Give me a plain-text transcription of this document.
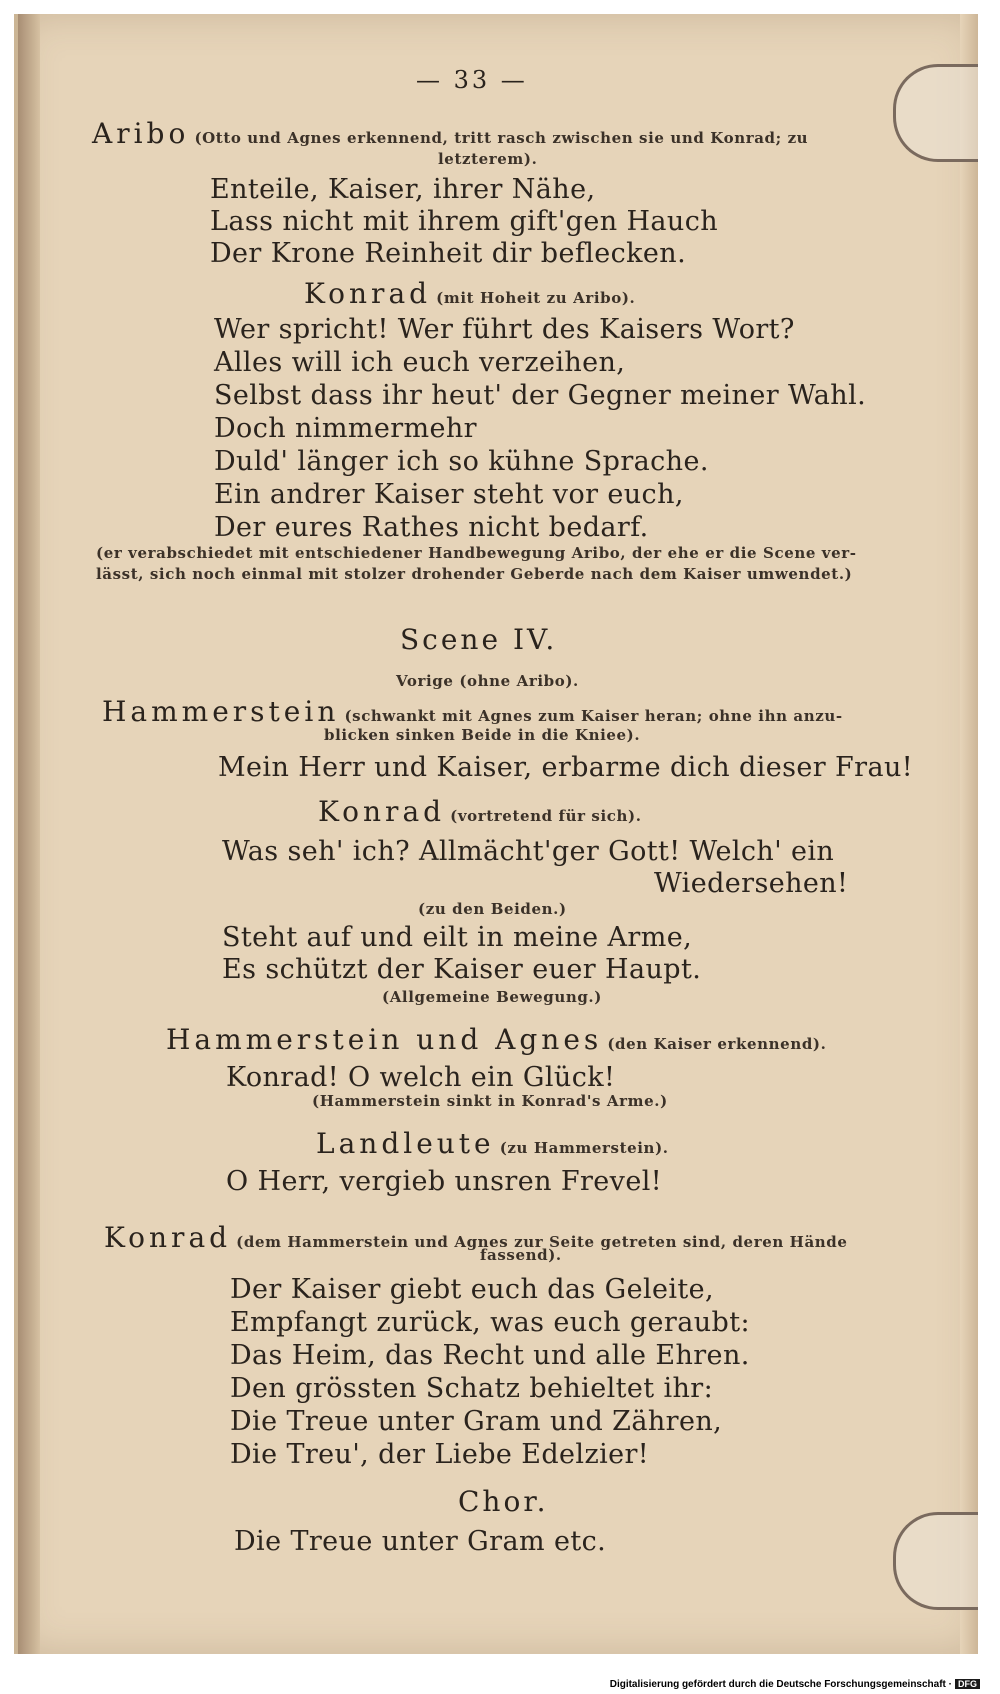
— 33 —
Aribo (Otto und Agnes erkennend, tritt rasch zwischen sie und Konrad; zu
letzterem).
Enteile, Kaiser, ihrer Nähe,
Lass nicht mit ihrem gift'gen Hauch
Der Krone Reinheit dir beflecken.
Konrad (mit Hoheit zu Aribo).
Wer spricht! Wer führt des Kaisers Wort?
Alles will ich euch verzeihen,
Selbst dass ihr heut' der Gegner meiner Wahl.
Doch nimmermehr
Duld' länger ich so kühne Sprache.
Ein andrer Kaiser steht vor euch,
Der eures Rathes nicht bedarf.
(er verabschiedet mit entschiedener Handbewegung Aribo, der ehe er die Scene ver-
lässt, sich noch einmal mit stolzer drohender Geberde nach dem Kaiser umwendet.)
Scene IV.
Vorige (ohne Aribo).
Hammerstein (schwankt mit Agnes zum Kaiser heran; ohne ihn anzu-
blicken sinken Beide in die Kniee).
Mein Herr und Kaiser, erbarme dich dieser Frau!
Konrad (vortretend für sich).
Was seh' ich? Allmächt'ger Gott! Welch' ein
Wiedersehen!
(zu den Beiden.)
Steht auf und eilt in meine Arme,
Es schützt der Kaiser euer Haupt.
(Allgemeine Bewegung.)
Hammerstein und Agnes (den Kaiser erkennend).
Konrad! O welch ein Glück!
(Hammerstein sinkt in Konrad's Arme.)
Landleute (zu Hammerstein).
O Herr, vergieb unsren Frevel!
Konrad (dem Hammerstein und Agnes zur Seite getreten sind, deren Hände
fassend).
Der Kaiser giebt euch das Geleite,
Empfangt zurück, was euch geraubt:
Das Heim, das Recht und alle Ehren.
Den grössten Schatz behieltet ihr:
Die Treue unter Gram und Zähren,
Die Treu', der Liebe Edelzier!
Chor.
Die Treue unter Gram etc.
Digitalisierung gefördert durch die Deutsche Forschungsgemeinschaft · DFG
